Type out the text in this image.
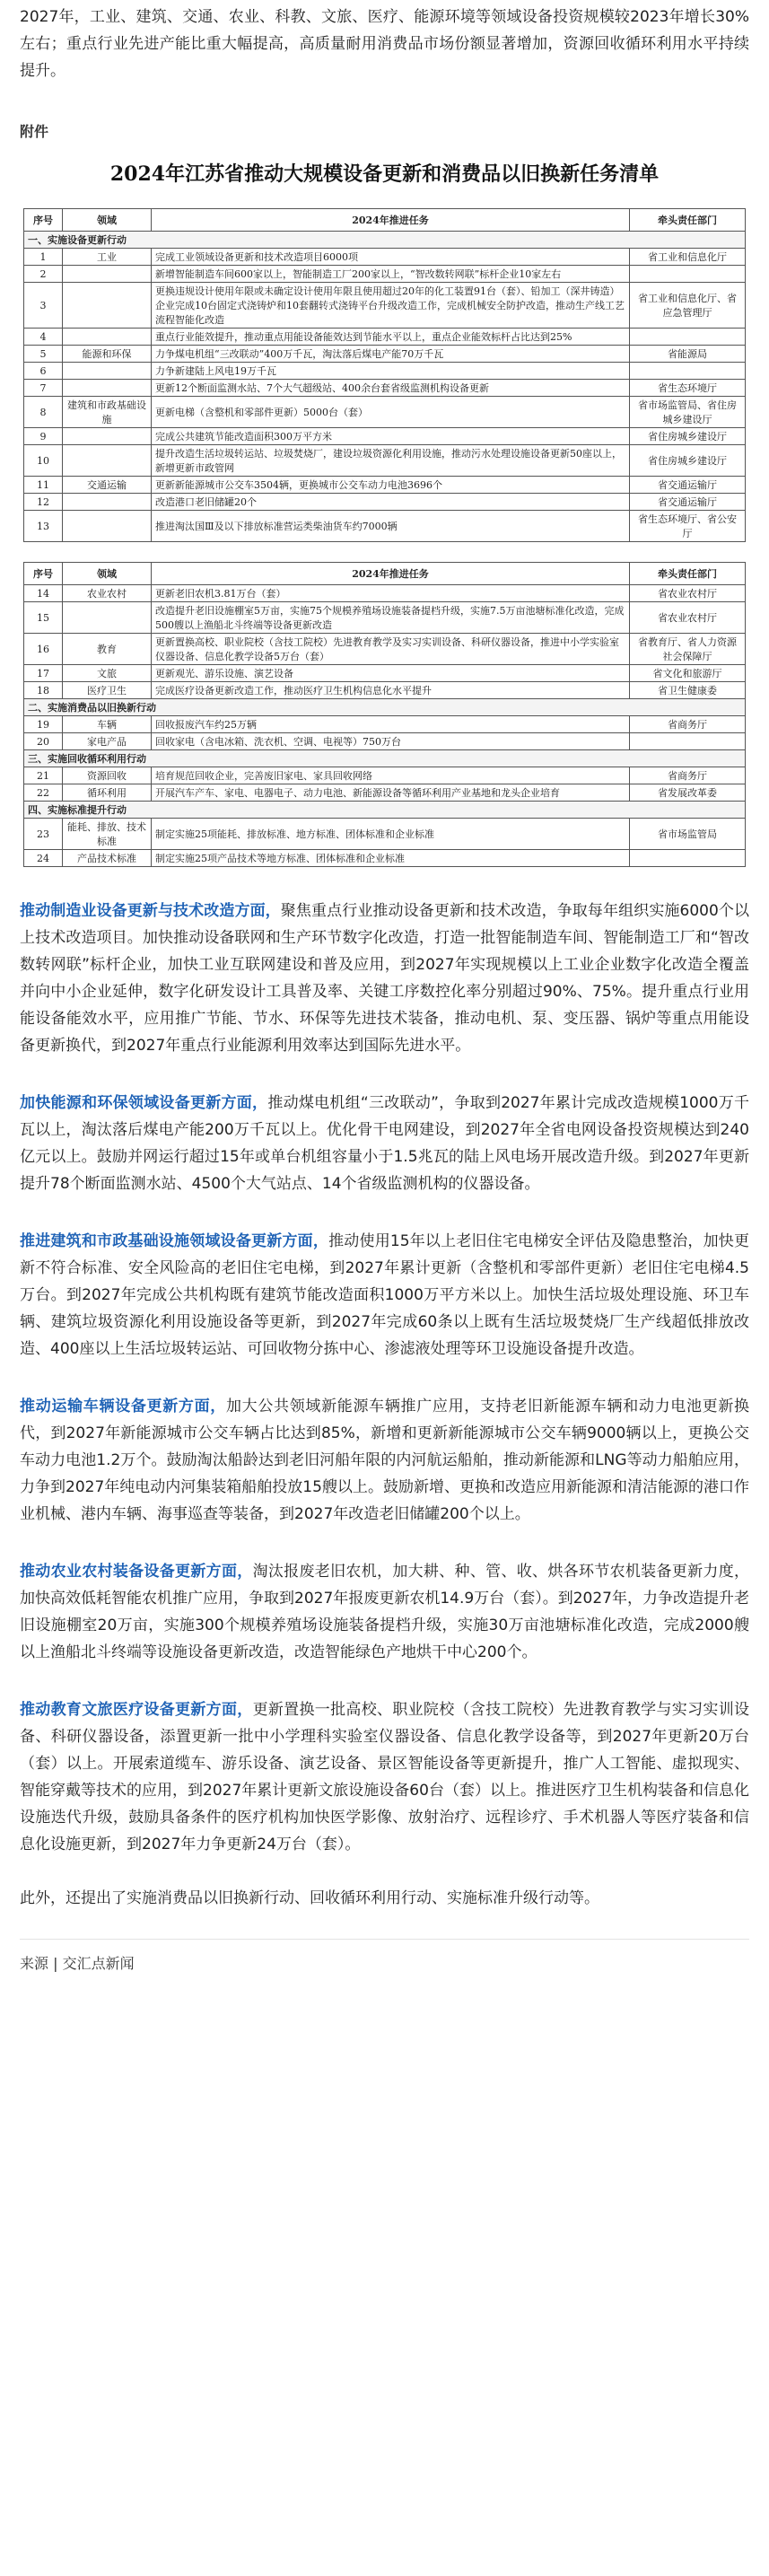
2027年，工业、建筑、交通、农业、科教、文旅、医疗、能源环境等领域设备投资规模较2023年增长30%左右；重点行业先进产能比重大幅提高，高质量耐用消费品市场份额显著增加，资源回收循环利用水平持续提升。

附件
2024年江苏省推动大规模设备更新和消费品以旧换新任务清单
序号	领域	2024年推进任务	牵头责任部门
一、实施设备更新行动			
1	工业	完成工业领域设备更新和技术改造项目6000项	省工业和信息化厅
2		新增智能制造车间600家以上，智能制造工厂200家以上，“智改数转网联”标杆企业10家左右	
3		更换违规设计使用年限或未确定设计使用年限且使用超过20年的化工装置91台（套）、铅加工（深井铸造）企业完成10台固定式浇铸炉和10套翻转式浇铸平台升级改造工作，完成机械安全防护改造，推动生产线工艺流程智能化改造	省工业和信息化厅、省应急管理厅
4		重点行业能效提升，推动重点用能设备能效达到节能水平以上，重点企业能效标杆占比达到25%	
5	能源和环保	力争煤电机组“三改联动”400万千瓦，淘汰落后煤电产能70万千瓦	省能源局
6		力争新建陆上风电19万千瓦	
7		更新12个断面监测水站、7个大气超级站、400余台套省级监测机构设备更新	省生态环境厅
8	建筑和市政基础设施	更新电梯（含整机和零部件更新）5000台（套）	省市场监管局、省住房城乡建设厅
9		完成公共建筑节能改造面积300万平方米	省住房城乡建设厅
10		提升改造生活垃圾转运站、垃圾焚烧厂，建设垃圾资源化利用设施，推动污水处理设施设备更新50座以上，新增更新市政管网	省住房城乡建设厅
11	交通运输	更新新能源城市公交车3504辆，更换城市公交车动力电池3696个	省交通运输厅
12		改造港口老旧储罐20个	省交通运输厅
13		推进淘汰国Ⅲ及以下排放标准营运类柴油货车约7000辆	省生态环境厅、省公安厅
序号	领域	2024年推进任务	牵头责任部门
14	农业农村	更新老旧农机3.81万台（套）	省农业农村厅
15		改造提升老旧设施棚室5万亩，实施75个规模养殖场设施装备提档升级，实施7.5万亩池塘标准化改造，完成500艘以上渔船北斗终端等设备更新改造	省农业农村厅
16	教育	更新置换高校、职业院校（含技工院校）先进教育教学及实习实训设备、科研仪器设备，推进中小学实验室仪器设备、信息化教学设备5万台（套）	省教育厅、省人力资源社会保障厅
17	文旅	更新观光、游乐设施、演艺设备	省文化和旅游厅
18	医疗卫生	完成医疗设备更新改造工作，推动医疗卫生机构信息化水平提升	省卫生健康委
二、实施消费品以旧换新行动			
19	车辆	回收报废汽车约25万辆	省商务厅
20	家电产品	回收家电（含电冰箱、洗衣机、空调、电视等）750万台	
三、实施回收循环利用行动			
21	资源回收	培育规范回收企业，完善废旧家电、家具回收网络	省商务厅
22	循环利用	开展汽车产车、家电、电器电子、动力电池、新能源设备等循环利用产业基地和龙头企业培育	省发展改革委
四、实施标准提升行动			
23	能耗、排放、技术标准	制定实施25项能耗、排放标准、地方标准、团体标准和企业标准	省市场监管局
24	产品技术标准	制定实施25项产品技术等地方标准、团体标准和企业标准	

推动制造业设备更新与技术改造方面，聚焦重点行业推动设备更新和技术改造，争取每年组织实施6000个以上技术改造项目。加快推动设备联网和生产环节数字化改造，打造一批智能制造车间、智能制造工厂和“智改数转网联”标杆企业，加快工业互联网建设和普及应用，到2027年实现规模以上工业企业数字化改造全覆盖并向中小企业延伸，数字化研发设计工具普及率、关键工序数控化率分别超过90%、75%。提升重点行业用能设备能效水平，应用推广节能、节水、环保等先进技术装备，推动电机、泵、变压器、锅炉等重点用能设备更新换代，到2027年重点行业能源利用效率达到国际先进水平。

加快能源和环保领域设备更新方面，推动煤电机组“三改联动”，争取到2027年累计完成改造规模1000万千瓦以上，淘汰落后煤电产能200万千瓦以上。优化骨干电网建设，到2027年全省电网设备投资规模达到240亿元以上。鼓励并网运行超过15年或单台机组容量小于1.5兆瓦的陆上风电场开展改造升级。到2027年更新提升78个断面监测水站、4500个大气站点、14个省级监测机构的仪器设备。

推进建筑和市政基础设施领域设备更新方面，推动使用15年以上老旧住宅电梯安全评估及隐患整治，加快更新不符合标准、安全风险高的老旧住宅电梯，到2027年累计更新（含整机和零部件更新）老旧住宅电梯4.5万台。到2027年完成公共机构既有建筑节能改造面积1000万平方米以上。加快生活垃圾处理设施、环卫车辆、建筑垃圾资源化利用设施设备等更新，到2027年完成60条以上既有生活垃圾焚烧厂生产线超低排放改造、400座以上生活垃圾转运站、可回收物分拣中心、渗滤液处理等环卫设施设备提升改造。

推动运输车辆设备更新方面，加大公共领域新能源车辆推广应用，支持老旧新能源车辆和动力电池更新换代，到2027年新能源城市公交车辆占比达到85%，新增和更新新能源城市公交车辆9000辆以上，更换公交车动力电池1.2万个。鼓励淘汰船龄达到老旧河船年限的内河航运船舶，推动新能源和LNG等动力船舶应用，力争到2027年纯电动内河集装箱船舶投放15艘以上。鼓励新增、更换和改造应用新能源和清洁能源的港口作业机械、港内车辆、海事巡查等装备，到2027年改造老旧储罐200个以上。

推动农业农村装备设备更新方面，淘汰报废老旧农机，加大耕、种、管、收、烘各环节农机装备更新力度，加快高效低耗智能农机推广应用，争取到2027年报废更新农机14.9万台（套）。到2027年，力争改造提升老旧设施棚室20万亩，实施300个规模养殖场设施装备提档升级，实施30万亩池塘标准化改造，完成2000艘以上渔船北斗终端等设施设备更新改造，改造智能绿色产地烘干中心200个。

推动教育文旅医疗设备更新方面，更新置换一批高校、职业院校（含技工院校）先进教育教学与实习实训设备、科研仪器设备，添置更新一批中小学理科实验室仪器设备、信息化教学设备等，到2027年更新20万台（套）以上。开展索道缆车、游乐设备、演艺设备、景区智能设备等更新提升，推广人工智能、虚拟现实、智能穿戴等技术的应用，到2027年累计更新文旅设施设备60台（套）以上。推进医疗卫生机构装备和信息化设施迭代升级，鼓励具备条件的医疗机构加快医学影像、放射治疗、远程诊疗、手术机器人等医疗装备和信息化设施更新，到2027年力争更新24万台（套）。

此外，还提出了实施消费品以旧换新行动、回收循环利用行动、实施标准升级行动等。

来源 | 交汇点新闻
